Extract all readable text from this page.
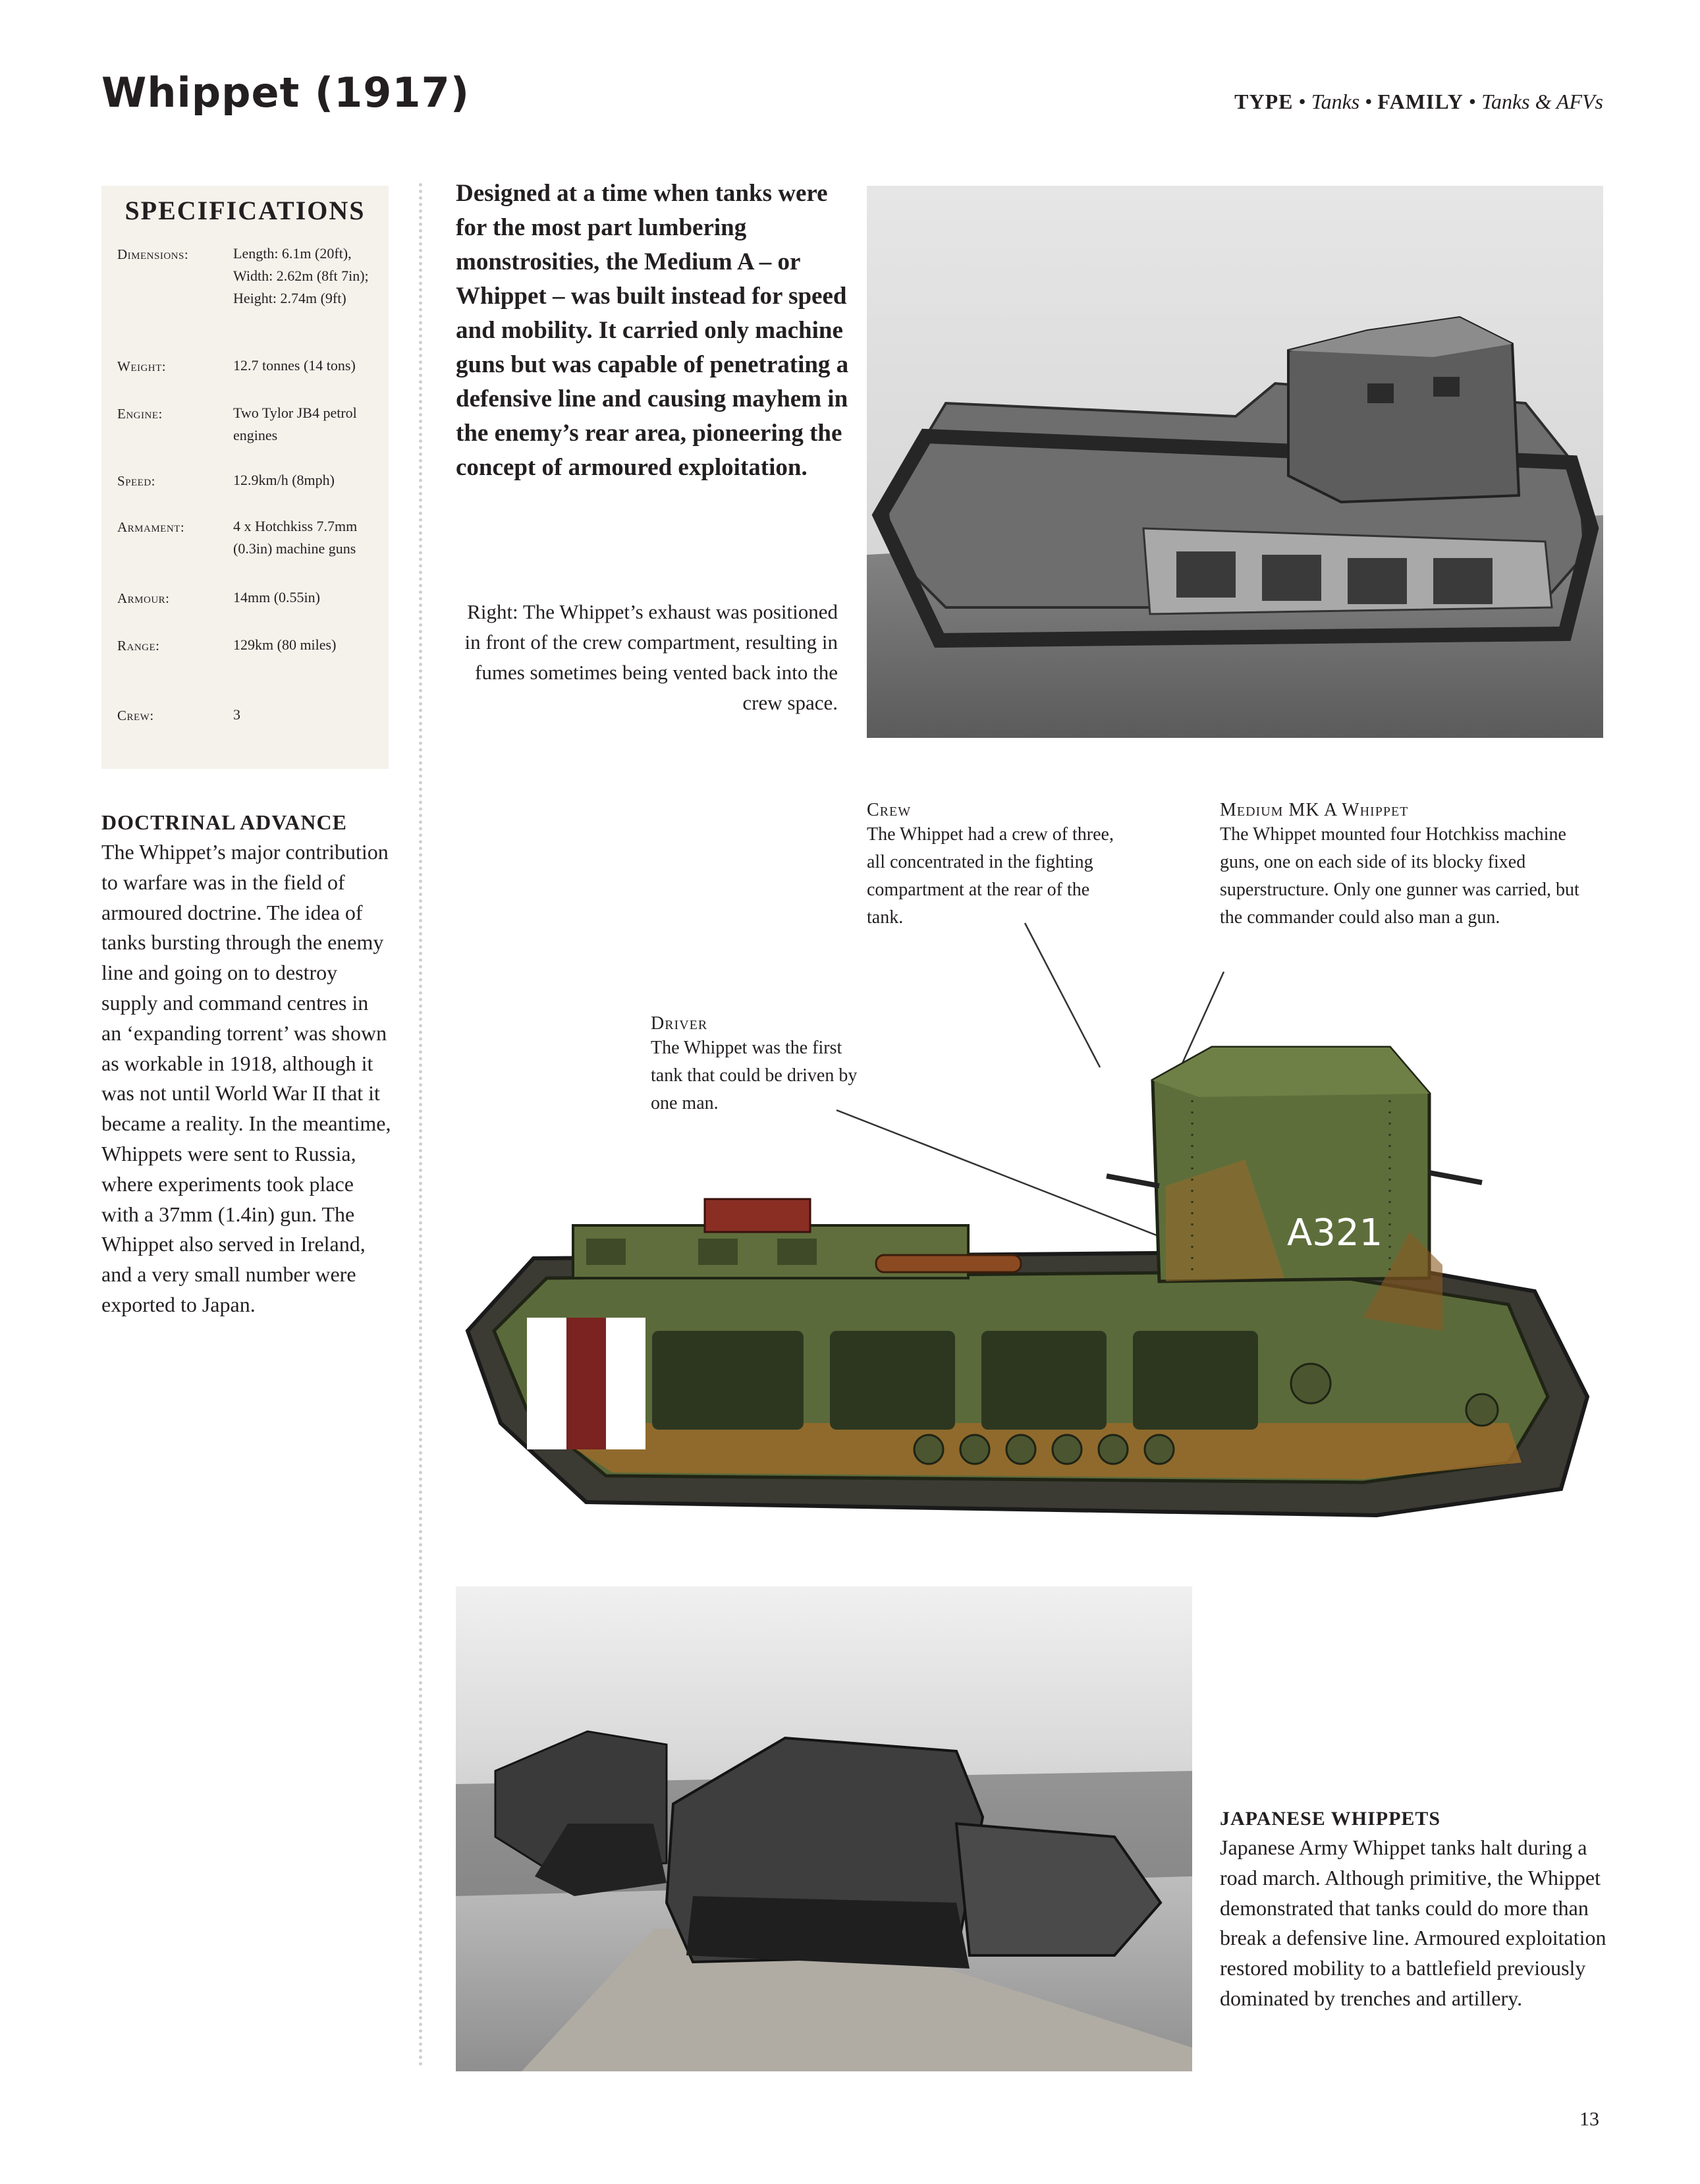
Whippet (1917)	TYPE • Tanks • FAMILY • Tanks & AFVs
SPECIFICATIONS
Dimensions:	Length: 6.1m (20ft), Width: 2.62m (8ft 7in); Height: 2.74m (9ft)
Weight:	12.7 tonnes (14 tons)
Engine:	Two Tylor JB4 petrol engines
Speed:	12.9km/h (8mph)
Armament:	4 x Hotchkiss 7.7mm (0.3in) machine guns
Armour:	14mm (0.55in)
Range:	129km (80 miles)
Crew:	3

Designed at a time when tanks were for the most part lumbering monstrosities, the Medium A – or Whippet – was built instead for speed and mobility. It carried only machine guns but was capable of penetrating a defensive line and causing mayhem in the enemy’s rear area, pioneering the concept of armoured exploitation.

Right: The Whippet’s exhaust was positioned in front of the crew compartment, resulting in fumes sometimes being vented back into the crew space.

DOCTRINAL ADVANCE

The Whippet’s major contribution to warfare was in the field of armoured doctrine. The idea of tanks bursting through the enemy line and going on to destroy supply and command centres in an ‘expanding torrent’ was shown as workable in 1918, although it was not until World War II that it became a reality. In the meantime, Whippets were sent to Russia, where experiments took place with a 37mm (1.4in) gun. The Whippet also served in Ireland, and a very small number were exported to Japan.

Crew

The Whippet had a crew of three, all concentrated in the fighting compartment at the rear of the tank.

Medium MK A Whippet

The Whippet mounted four Hotchkiss machine guns, one on each side of its blocky fixed superstructure. Only one gunner was carried, but the commander could also man a gun.

Driver

The Whippet was the first tank that could be driven by one man.

A321
JAPANESE WHIPPETS

Japanese Army Whippet tanks halt during a road march. Although primitive, the Whippet demonstrated that tanks could do more than break a defensive line. Armoured exploitation restored mobility to a battlefield previously dominated by trenches and artillery.

13
